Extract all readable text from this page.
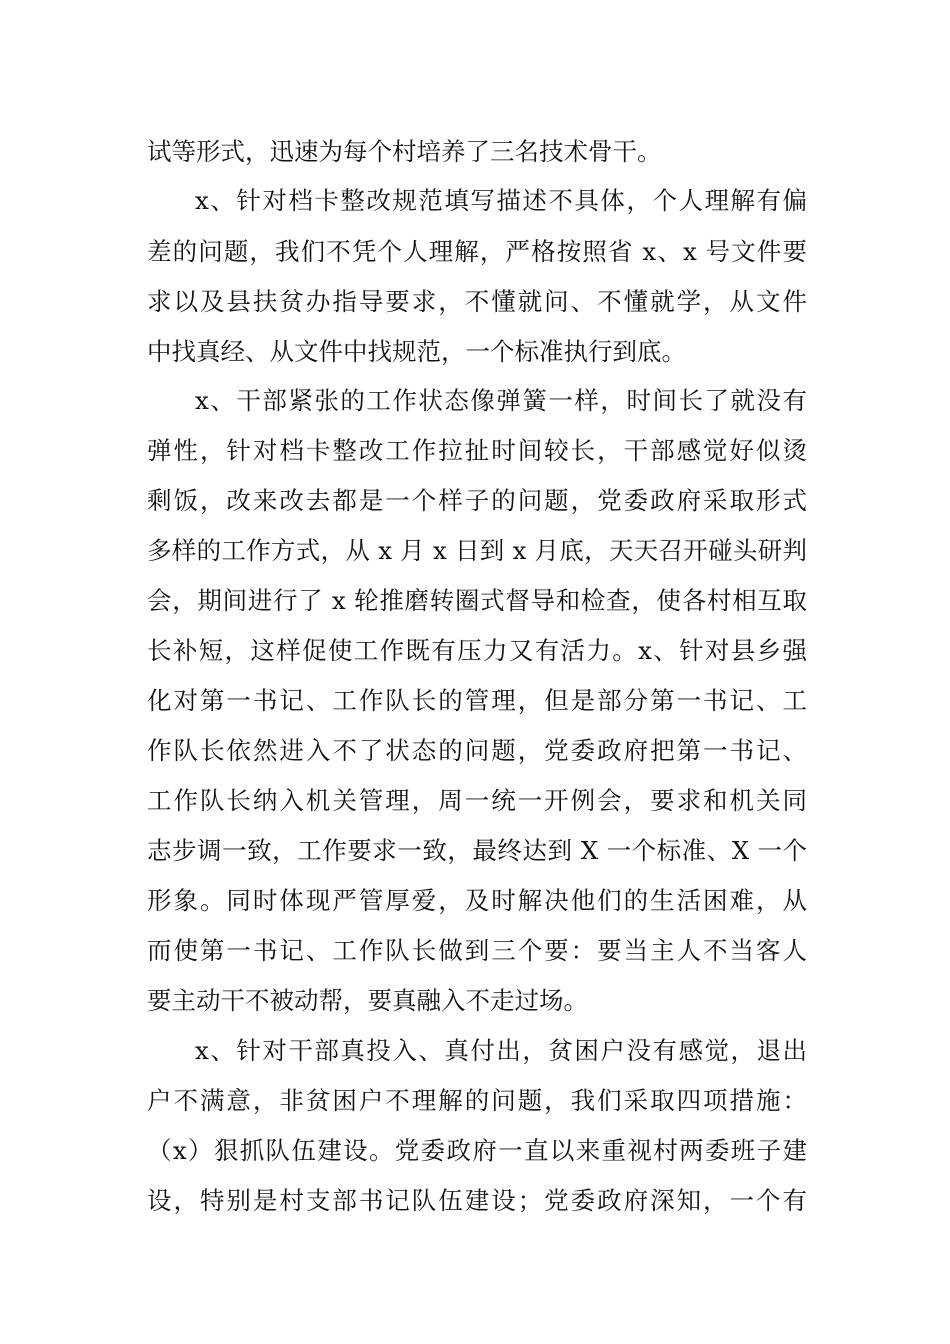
试等形式，迅速为每个村培养了三名技术骨干。
x、针对档卡整改规范填写描述不具体，个人理解有偏
差的问题，我们不凭个人理解，严格按照省 x、x 号文件要
求以及县扶贫办指导要求，不懂就问、不懂就学，从文件
中找真经、从文件中找规范，一个标准执行到底。
x、干部紧张的工作状态像弹簧一样，时间长了就没有
弹性，针对档卡整改工作拉扯时间较长，干部感觉好似烫
剩饭，改来改去都是一个样子的问题，党委政府采取形式
多样的工作方式，从 x 月 x 日到 x 月底，天天召开碰头研判
会，期间进行了 x 轮推磨转圈式督导和检查，使各村相互取
长补短，这样促使工作既有压力又有活力。x、针对县乡强
化对第一书记、工作队长的管理，但是部分第一书记、工
作队长依然进入不了状态的问题，党委政府把第一书记、
工作队长纳入机关管理，周一统一开例会，要求和机关同
志步调一致，工作要求一致，最终达到 X 一个标准、X 一个
形象。同时体现严管厚爱，及时解决他们的生活困难，从
而使第一书记、工作队长做到三个要：要当主人不当客人
要主动干不被动帮，要真融入不走过场。
x、针对干部真投入、真付出，贫困户没有感觉，退出
户不满意，非贫困户不理解的问题，我们采取四项措施：
（x）狠抓队伍建设。党委政府一直以来重视村两委班子建
设，特别是村支部书记队伍建设；党委政府深知，一个有
